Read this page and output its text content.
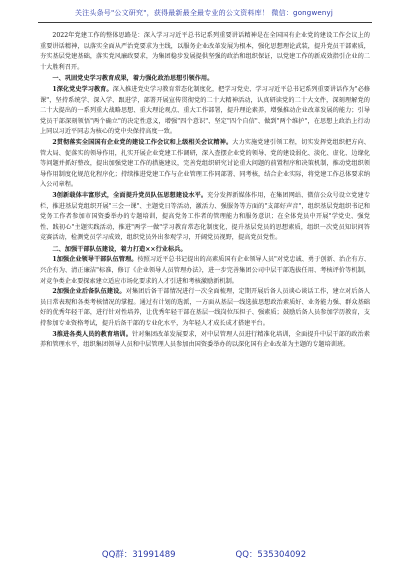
关注头条号"公文研究"，获得最新最全最专业的公文资料库！ 微信：gongwenyj

2022年党建工作的整体思路是：深入学习习近平总书记系列重要讲话精神是在全国国有企业党的建设工作会议上的重要讲话精神，以落实全面从严治党要求为主线，以服务企业改革发展为根本，强化思想理论武装，提升党员干部素质，夯实基层党建基础，落实党风廉政要求，为集团稳步发展提供坚强的政治和组织保证，以党建工作的新成效指引企业的二十大胜利召开。

一、巩固党史学习教育成果，着力强化政治思想引领作用。

1深化党史学习教育。深入推进党史学习教育常态化制度化，把学习党史、学习习近平总书记系列重要讲话作为"必修课"，坚持系统学、深入学、跟进学，部署开展宣传贯彻党的二十大精神活动，认真研读党的二十大文件，深刻理解党的二十大提出的一系列重大战略思想、重大理论观点、重大工作部署，提升理论素养，增强推动企业改革发展的能力；引导党员干部深刻领悟"两个确立"的决定性意义，增强"四个意识"、坚定"四个自信"、做到"两个维护"，在思想上政治上行动上同以习近平同志为核心的党中央保持高度一致。

2贯彻落实全国国有企业党的建设工作会议和上级相关会议精神。大力实施党建引领工程，切实发挥党组织把方向、管大局、促落实的领导作用，扎实开展企业党建工作调研，深入查摆企业党的领导、党的建设弱化、淡化、虚化、边缘化等问题并抓好整改，提出加强党建工作的措施建议，完善党组织研究讨论重大问题的前置程序和决策机制，推动党组织领导作用制度化规范化程序化；持续推进党建工作与企业管理工作同部署、同考核，结合企业实际，将党建工作总体要求纳入公司章程。

3创新载体丰富形式，全面提升党员队伍思想建设水平。充分发挥新媒体作用，在集团网站、微信公众号设立党建专栏，推进基层党组织开展"三会一课"、主题党日等活动，激活力、强服务等方面的"支部好声音"，组织基层党组织书记和党务工作者参加市国资委举办的专题培训，提高党务工作者的管理能力和服务意识；在全体党员中开展"学党史、强党性、践初心"主题实践活动，推进"两学一做"学习教育常态化制度化，提升基层党员的思想素质，组织一次党员知识问答竞赛活动，检测党员学习成效，组织党员外出参观学习，开阔党员视野，提高党员党性。

二、加强干部队伍建设，着力打造××行业标兵。

1加强企业领导干部队伍管理。按照习近平总书记提出的高素质国有企业领导人员"对党忠诚、勇于创新、治企有方、兴企有为、清正廉洁"标准，修订《企业领导人员管理办法》，进一步完善集团公司中层干部选拔任用、考核评价等机制，对竞争类企业要探索建立适应市场化要求的人才引进和考核激励新机制。

2加强企业后备队伍建设。对集团后备干部情况进行一次全面梳理，定期开展后备人员谈心谈话工作，建立对后备人员日常表现和各类考核情况的掌握。通过有计划的选派，一方面从基层一线选拔思想政治素质好、业务能力强、群众基础好的优秀年轻干部，进行针对性培养，让优秀年轻干部在基层一线岗位压担子、强素质；鼓励后备人员参加学历教育，支持参加专业资格考试，提升后备干部的专业化水平，为年轻人才成长成才搭建平台。

3推进各类人员的教育培训。针对集团改革发展要求，对中层管理人员进行精准化培训，全面提升中层干部的政治素养和管理水平，组织集团领导人员和中层管理人员参加由国资委举办的以深化国有企业改革为主题的专题培训班。

QQ群：31991489	QQ：535304092
